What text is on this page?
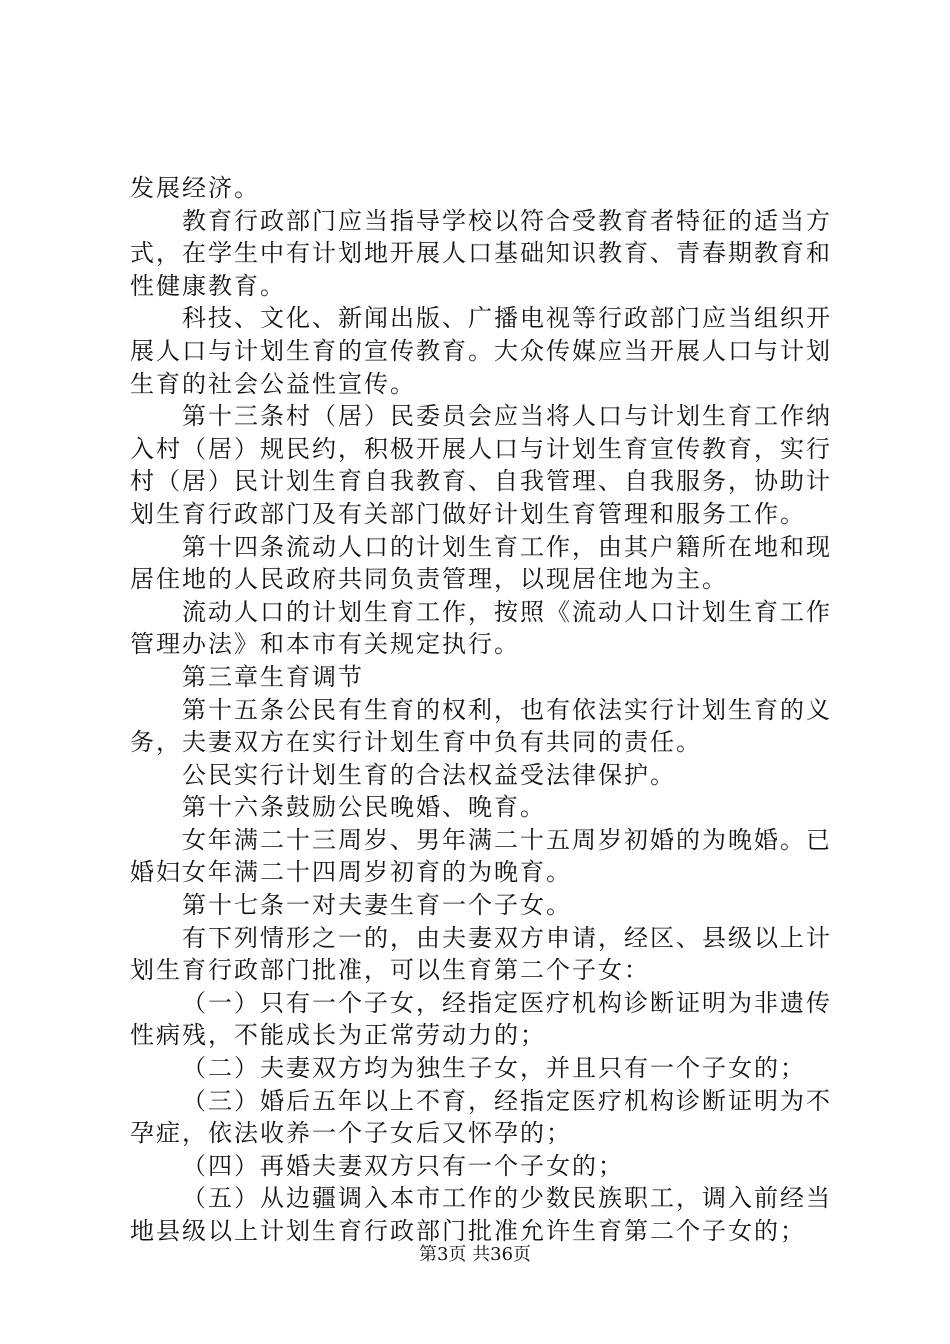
发展经济。

教育行政部门应当指导学校以符合受教育者特征的适当方

式，在学生中有计划地开展人口基础知识教育、青春期教育和

性健康教育。

科技、文化、新闻出版、广播电视等行政部门应当组织开

展人口与计划生育的宣传教育。大众传媒应当开展人口与计划

生育的社会公益性宣传。

第十三条村（居）民委员会应当将人口与计划生育工作纳

入村（居）规民约，积极开展人口与计划生育宣传教育，实行

村（居）民计划生育自我教育、自我管理、自我服务，协助计

划生育行政部门及有关部门做好计划生育管理和服务工作。

第十四条流动人口的计划生育工作，由其户籍所在地和现

居住地的人民政府共同负责管理，以现居住地为主。

流动人口的计划生育工作，按照《流动人口计划生育工作

管理办法》和本市有关规定执行。

第三章生育调节

第十五条公民有生育的权利，也有依法实行计划生育的义

务，夫妻双方在实行计划生育中负有共同的责任。

公民实行计划生育的合法权益受法律保护。

第十六条鼓励公民晚婚、晚育。

女年满二十三周岁、男年满二十五周岁初婚的为晚婚。已

婚妇女年满二十四周岁初育的为晚育。

第十七条一对夫妻生育一个子女。

有下列情形之一的，由夫妻双方申请，经区、县级以上计

划生育行政部门批准，可以生育第二个子女：

（一）只有一个子女，经指定医疗机构诊断证明为非遗传

性病残，不能成长为正常劳动力的；

（二）夫妻双方均为独生子女，并且只有一个子女的；

（三）婚后五年以上不育，经指定医疗机构诊断证明为不

孕症，依法收养一个子女后又怀孕的；

（四）再婚夫妻双方只有一个子女的；

（五）从边疆调入本市工作的少数民族职工，调入前经当

地县级以上计划生育行政部门批准允许生育第二个子女的；

第3页 共36页
